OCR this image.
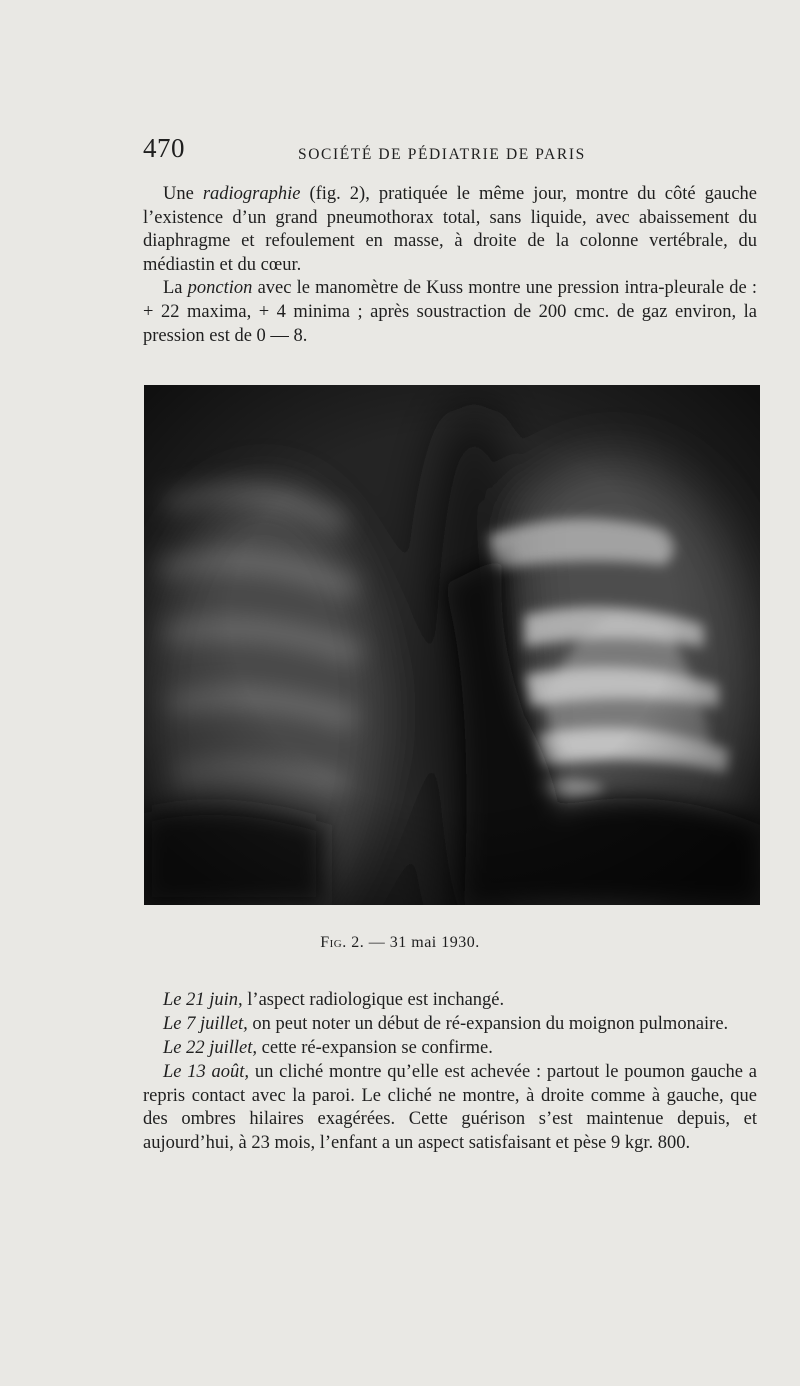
470	SOCIÉTÉ DE PÉDIATRIE DE PARIS

Une radiographie (fig. 2), pratiquée le même jour, montre du côté gauche l’existence d’un grand pneumothorax total, sans liquide, avec abaissement du diaphragme et refoulement en masse, à droite de la colonne vertébrale, du médiastin et du cœur.

La ponction avec le manomètre de Kuss montre une pression intra-pleurale de : + 22 maxima, + 4 minima ; après soustraction de 200 cmc. de gaz environ, la pression est de 0 — 8.

Fig. 2. — 31 mai 1930.

Le 21 juin, l’aspect radiologique est inchangé.

Le 7 juillet, on peut noter un début de ré-expansion du moignon pulmonaire.

Le 22 juillet, cette ré-expansion se confirme.

Le 13 août, un cliché montre qu’elle est achevée : partout le poumon gauche a repris contact avec la paroi. Le cliché ne montre, à droite comme à gauche, que des ombres hilaires exagérées. Cette guérison s’est maintenue depuis, et aujourd’hui, à 23 mois, l’enfant a un aspect satisfaisant et pèse 9 kgr. 800.
